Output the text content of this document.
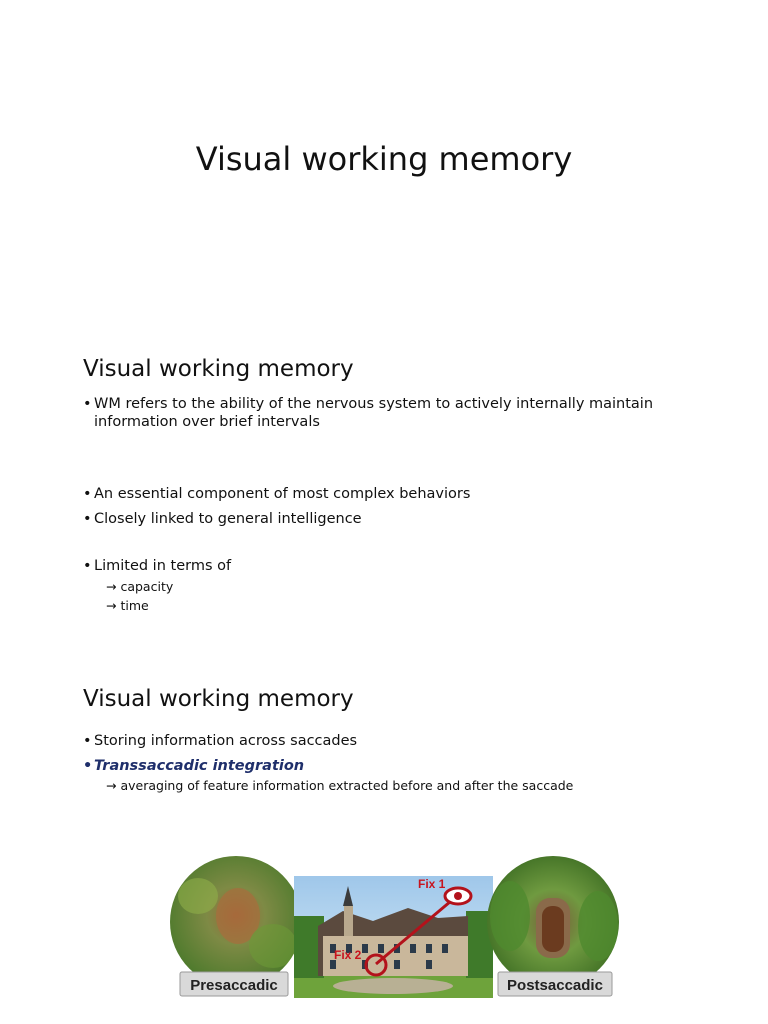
Visual working memory
Visual working memory
• WM refers to the ability of the nervous system to actively internally maintain
information over brief intervals
• An essential component of most complex behaviors
• Closely linked to general intelligence
• Limited in terms of
→ capacity
→ time
Visual working memory
• Storing information across saccades
• Transsaccadic integration
→ averaging of feature information extracted before and after the saccade
Fix 1
Fix 2
Presaccadic	Postsaccadic
